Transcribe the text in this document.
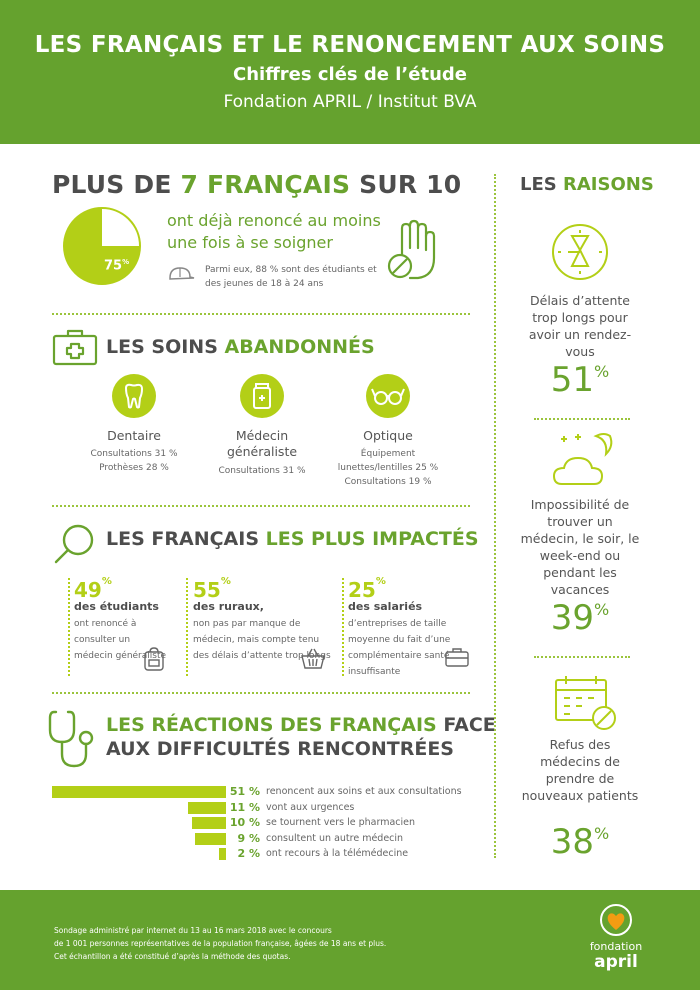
LES FRANÇAIS ET LE RENONCEMENT AUX SOINS
Chiffres clés de l’étude
Fondation APRIL / Institut BVA
PLUS DE 7 FRANÇAIS SUR 10
75%
ont déjà renoncé au moins une fois à se soigner
Parmi eux, 88 % sont des étudiants et des jeunes de 18 à 24 ans
LES SOINS ABANDONNÉS
Dentaire
Consultations 31 %
Prothèses 28 %
Médecin généraliste
Consultations 31 %
Optique
Équipement lunettes/lentilles 25 %
Consultations 19 %
LES FRANÇAIS LES PLUS IMPACTÉS
49%
des étudiants
ont renoncé à consulter un médecin généraliste
55%
des ruraux,
non pas par manque de médecin, mais compte tenu des délais d’attente trop longs
25%
des salariés
d’entreprises de taille moyenne du fait d’une complémentaire santé insuffisante
LES RÉACTIONS DES FRANÇAIS FACE
AUX DIFFICULTÉS RENCONTRÉES
51 % renoncent aux soins et aux consultations
11 % vont aux urgences
10 % se tournent vers le pharmacien
9 % consultent un autre médecin
2 % ont recours à la télémédecine
LES RAISONS
Délais d’attente trop longs pour avoir un rendez-vous
51%
Impossibilité de trouver un médecin, le soir, le week-end ou pendant les vacances
39%
Refus des médecins de prendre de nouveaux patients
38%
Sondage administré par internet du 13 au 16 mars 2018 avec le concours
de 1 001 personnes représentatives de la population française, âgées de 18 ans et plus.
Cet échantillon a été constitué d’après la méthode des quotas.
fondation
april
